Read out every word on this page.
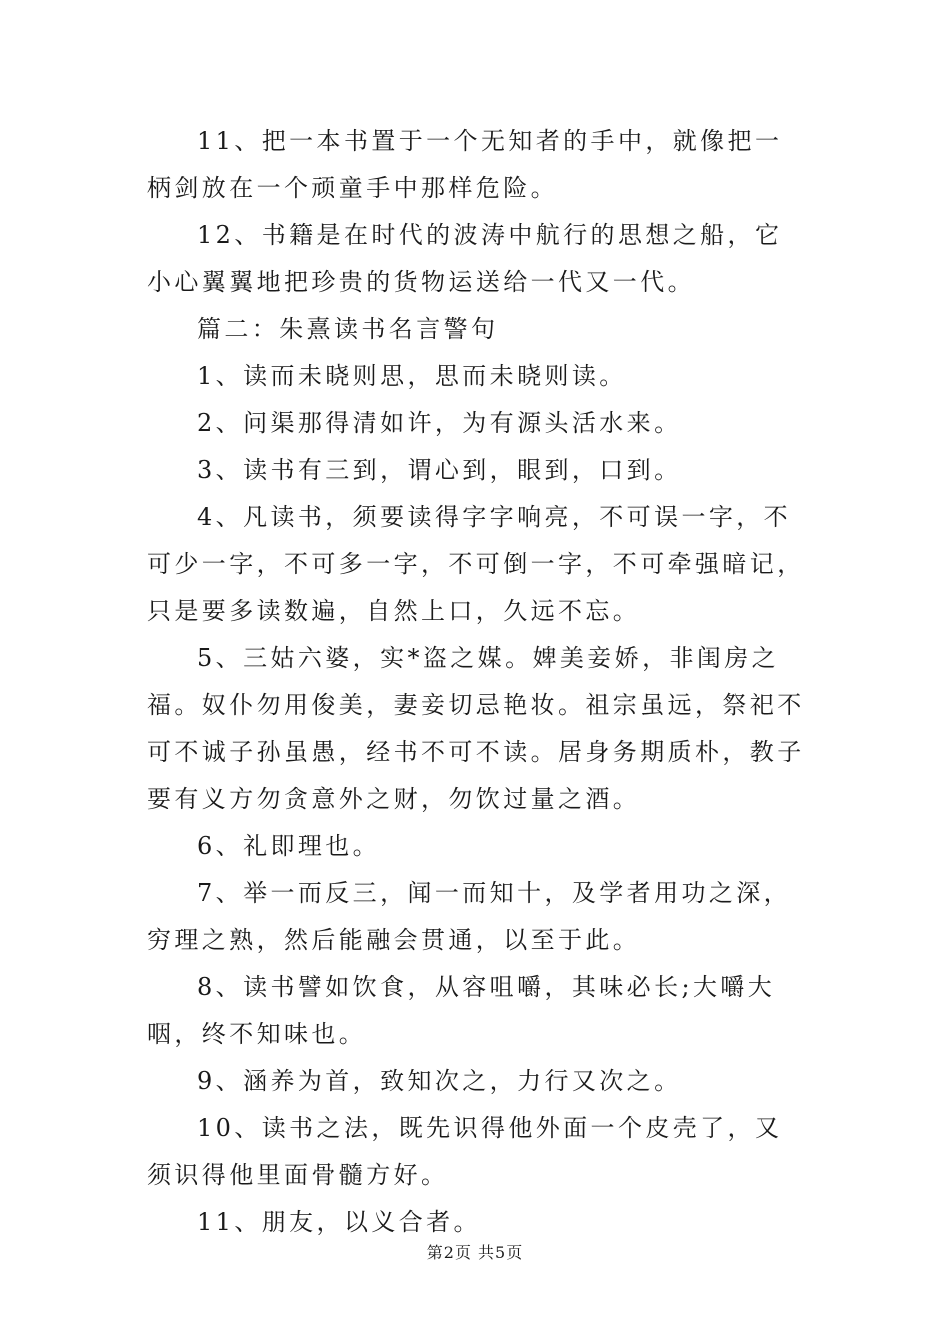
11、把一本书置于一个无知者的手中，就像把一柄剑放在一个顽童手中那样危险。

12、书籍是在时代的波涛中航行的思想之船，它小心翼翼地把珍贵的货物运送给一代又一代。

篇二：朱熹读书名言警句

1、读而未晓则思，思而未晓则读。

2、问渠那得清如许，为有源头活水来。

3、读书有三到，谓心到，眼到，口到。

4、凡读书，须要读得字字响亮，不可误一字，不可少一字，不可多一字，不可倒一字，不可牵强暗记，只是要多读数遍，自然上口，久远不忘。

5、三姑六婆，实*盗之媒。婢美妾娇，非闺房之福。奴仆勿用俊美，妻妾切忌艳妆。祖宗虽远，祭祀不可不诚子孙虽愚，经书不可不读。居身务期质朴，教子要有义方勿贪意外之财，勿饮过量之酒。

6、礼即理也。

7、举一而反三，闻一而知十，及学者用功之深，穷理之熟，然后能融会贯通，以至于此。

8、读书譬如饮食，从容咀嚼，其味必长;大嚼大咽，终不知味也。

9、涵养为首，致知次之，力行又次之。

10、读书之法，既先识得他外面一个皮壳了，又须识得他里面骨髓方好。

11、朋友，以义合者。

第2页 共5页
